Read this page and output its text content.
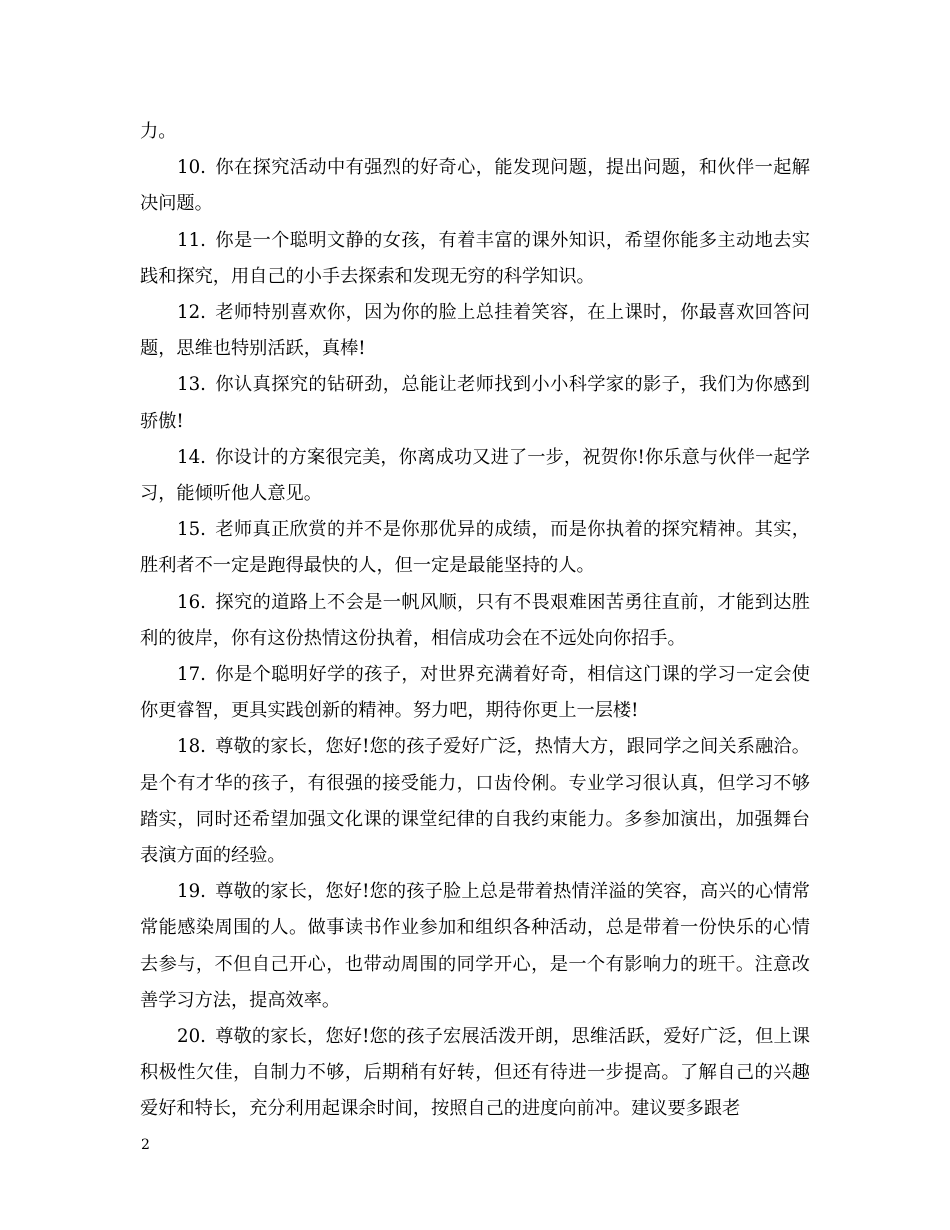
力。

10. 你在探究活动中有强烈的好奇心，能发现问题，提出问题，和伙伴一起解决问题。

11. 你是一个聪明文静的女孩，有着丰富的课外知识，希望你能多主动地去实践和探究，用自己的小手去探索和发现无穷的科学知识。

12. 老师特别喜欢你，因为你的脸上总挂着笑容，在上课时，你最喜欢回答问题，思维也特别活跃，真棒!

13. 你认真探究的钻研劲，总能让老师找到小小科学家的影子，我们为你感到骄傲!

14. 你设计的方案很完美，你离成功又进了一步，祝贺你!你乐意与伙伴一起学习，能倾听他人意见。

15. 老师真正欣赏的并不是你那优异的成绩，而是你执着的探究精神。其实，胜利者不一定是跑得最快的人，但一定是最能坚持的人。

16. 探究的道路上不会是一帆风顺，只有不畏艰难困苦勇往直前，才能到达胜利的彼岸，你有这份热情这份执着，相信成功会在不远处向你招手。

17. 你是个聪明好学的孩子，对世界充满着好奇，相信这门课的学习一定会使你更睿智，更具实践创新的精神。努力吧，期待你更上一层楼!

18. 尊敬的家长，您好!您的孩子爱好广泛，热情大方，跟同学之间关系融洽。是个有才华的孩子，有很强的接受能力，口齿伶俐。专业学习很认真，但学习不够踏实，同时还希望加强文化课的课堂纪律的自我约束能力。多参加演出，加强舞台表演方面的经验。

19. 尊敬的家长，您好!您的孩子脸上总是带着热情洋溢的笑容，高兴的心情常常能感染周围的人。做事读书作业参加和组织各种活动，总是带着一份快乐的心情去参与，不但自己开心，也带动周围的同学开心，是一个有影响力的班干。注意改善学习方法，提高效率。

20. 尊敬的家长，您好!您的孩子宏展活泼开朗，思维活跃，爱好广泛，但上课积极性欠佳，自制力不够，后期稍有好转，但还有待进一步提高。了解自己的兴趣爱好和特长，充分利用起课余时间，按照自己的进度向前冲。建议要多跟老

2
